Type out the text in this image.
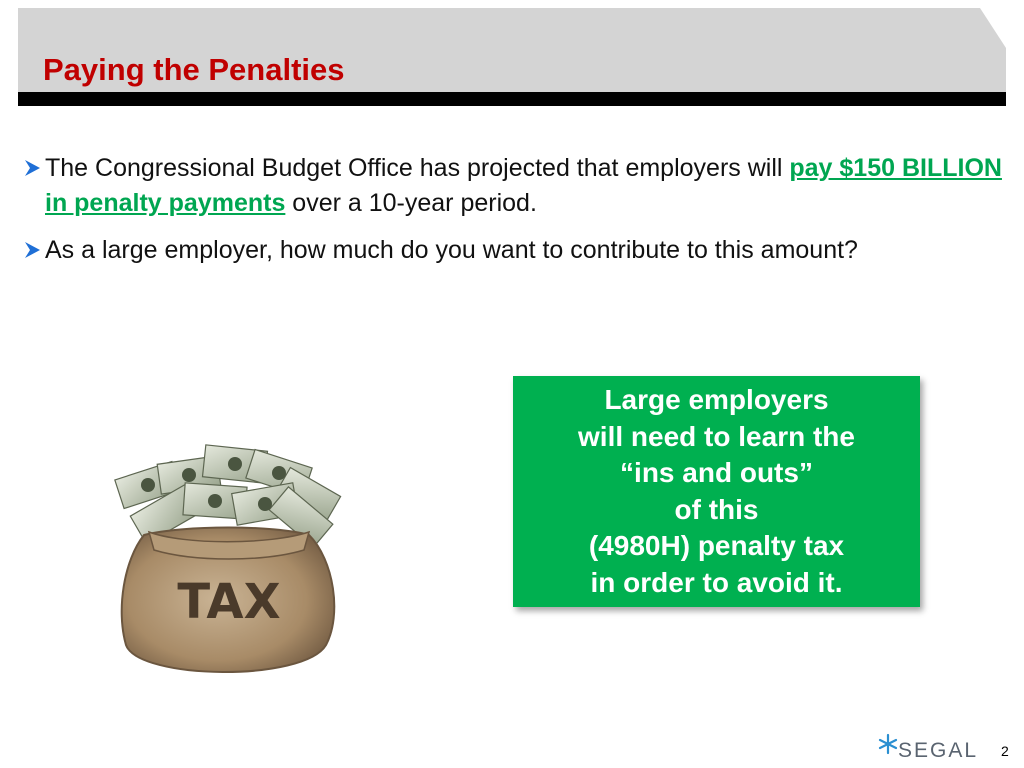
Paying the Penalties
The Congressional Budget Office has projected that employers will pay $150 BILLION in penalty payments over a 10-year period.
As a large employer, how much do you want to contribute to this amount?
TAX
Large employers
will need to learn the
“ins and outs”
of this
(4980H) penalty tax
in order to avoid it.
SEGAL 2
